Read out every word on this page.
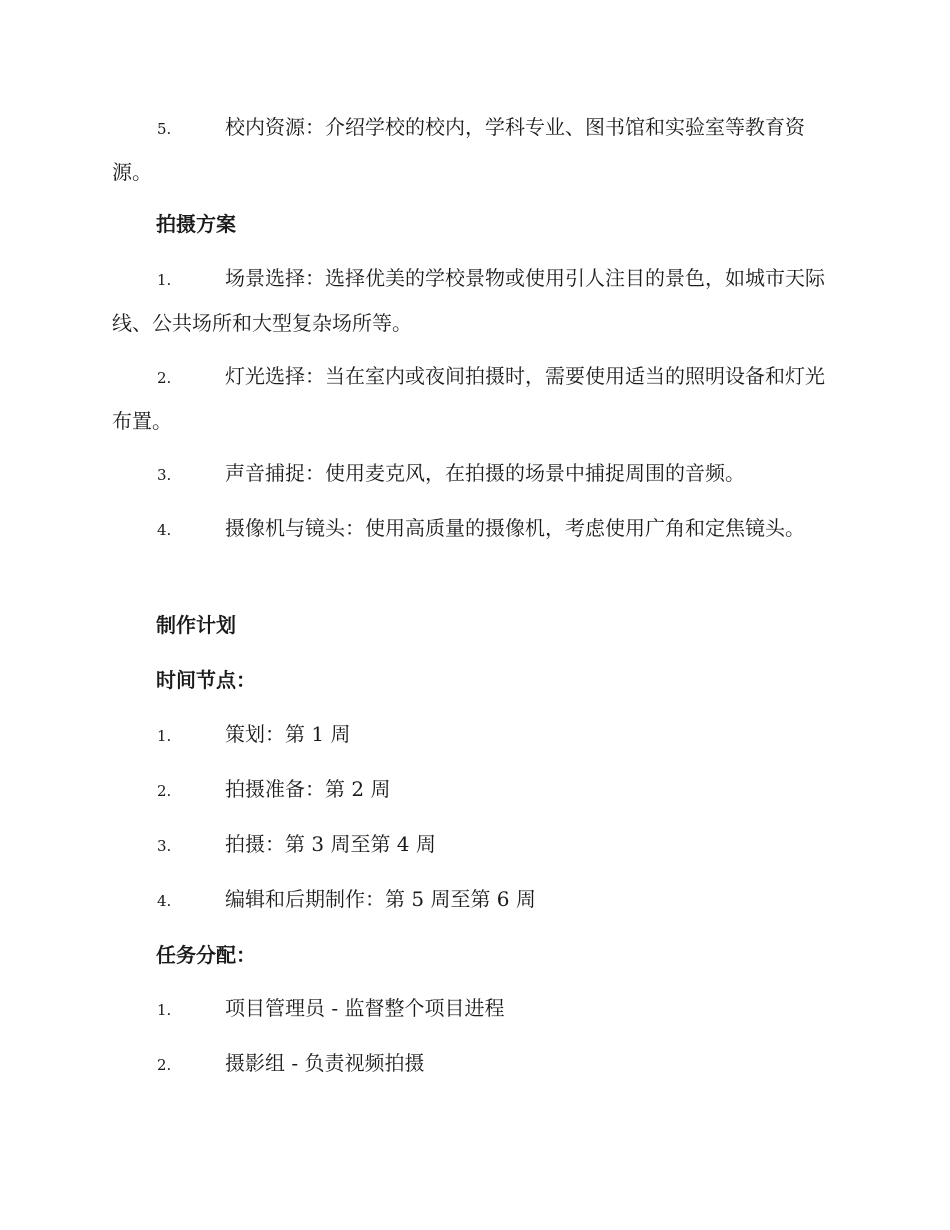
5.	校内资源：介绍学校的校内，学科专业、图书馆和实验室等教育资源。
拍摄方案
1.	场景选择：选择优美的学校景物或使用引人注目的景色，如城市天际线、公共场所和大型复杂场所等。
2.	灯光选择：当在室内或夜间拍摄时，需要使用适当的照明设备和灯光布置。
3.	声音捕捉：使用麦克风，在拍摄的场景中捕捉周围的音频。
4.	摄像机与镜头：使用高质量的摄像机，考虑使用广角和定焦镜头。
制作计划
时间节点：
1.	策划：第 1 周
2.	拍摄准备：第 2 周
3.	拍摄：第 3 周至第 4 周
4.	编辑和后期制作：第 5 周至第 6 周
任务分配：
1.	项目管理员 - 监督整个项目进程
2.	摄影组 - 负责视频拍摄
